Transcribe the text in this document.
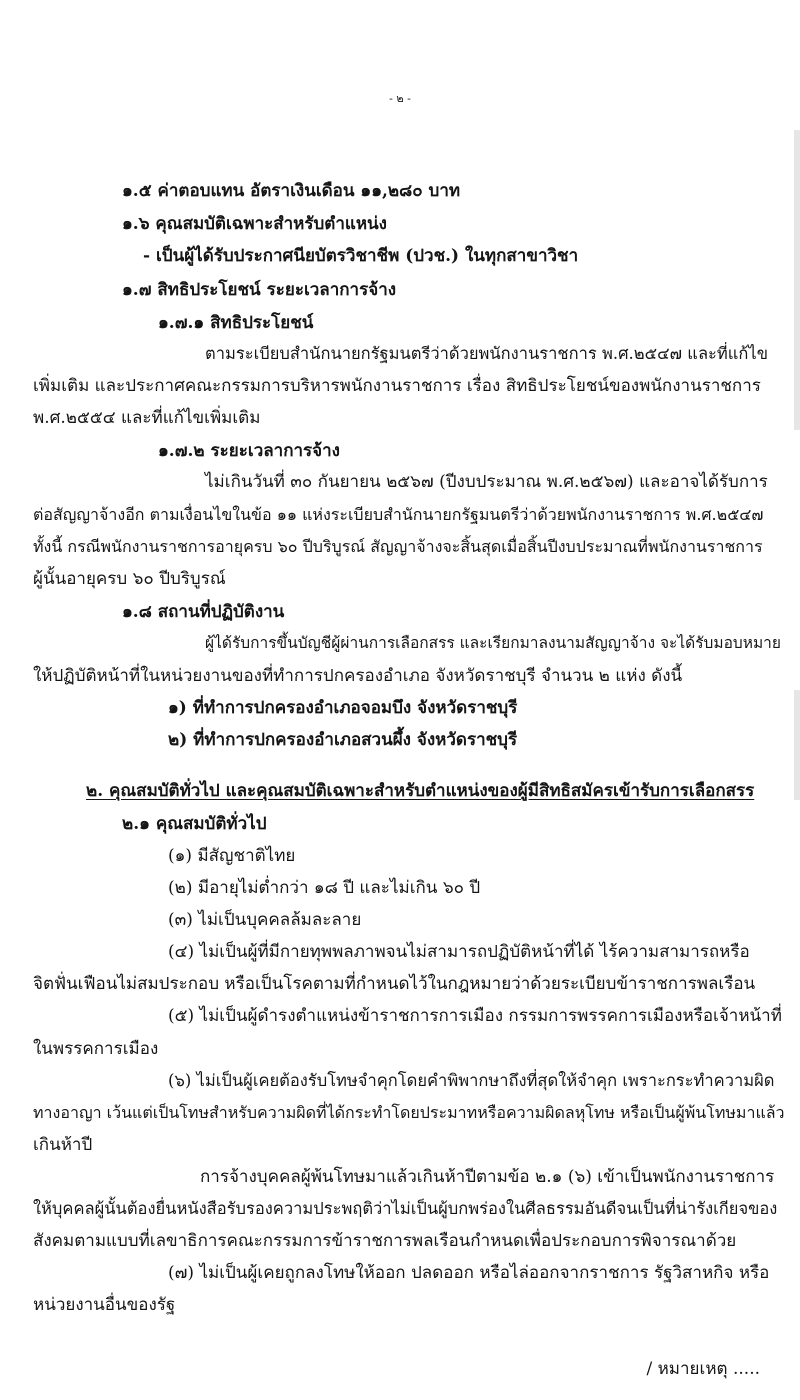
- ๒ -
๑.๕ ค่าตอบแทน อัตราเงินเดือน ๑๑,๒๘๐ บาท
๑.๖ คุณสมบัติเฉพาะสำหรับตำแหน่ง
- เป็นผู้ได้รับประกาศนียบัตรวิชาชีพ (ปวช.) ในทุกสาขาวิชา
๑.๗ สิทธิประโยชน์ ระยะเวลาการจ้าง
๑.๗.๑ สิทธิประโยชน์
ตามระเบียบสำนักนายกรัฐมนตรีว่าด้วยพนักงานราชการ พ.ศ.๒๕๔๗ และที่แก้ไข
เพิ่มเติม และประกาศคณะกรรมการบริหารพนักงานราชการ เรื่อง สิทธิประโยชน์ของพนักงานราชการ
พ.ศ.๒๕๕๔ และที่แก้ไขเพิ่มเติม
๑.๗.๒ ระยะเวลาการจ้าง
ไม่เกินวันที่ ๓๐ กันยายน ๒๕๖๗ (ปีงบประมาณ พ.ศ.๒๕๖๗) และอาจได้รับการ
ต่อสัญญาจ้างอีก ตามเงื่อนไขในข้อ ๑๑ แห่งระเบียบสำนักนายกรัฐมนตรีว่าด้วยพนักงานราชการ พ.ศ.๒๕๔๗
ทั้งนี้ กรณีพนักงานราชการอายุครบ ๖๐ ปีบริบูรณ์ สัญญาจ้างจะสิ้นสุดเมื่อสิ้นปีงบประมาณที่พนักงานราชการ
ผู้นั้นอายุครบ ๖๐ ปีบริบูรณ์
๑.๘ สถานที่ปฏิบัติงาน
ผู้ได้รับการขึ้นบัญชีผู้ผ่านการเลือกสรร และเรียกมาลงนามสัญญาจ้าง จะได้รับมอบหมาย
ให้ปฏิบัติหน้าที่ในหน่วยงานของที่ทำการปกครองอำเภอ จังหวัดราชบุรี จำนวน ๒ แห่ง ดังนี้
๑) ที่ทำการปกครองอำเภอจอมบึง จังหวัดราชบุรี
๒) ที่ทำการปกครองอำเภอสวนผึ้ง จังหวัดราชบุรี
๒. คุณสมบัติทั่วไป และคุณสมบัติเฉพาะสำหรับตำแหน่งของผู้มีสิทธิสมัครเข้ารับการเลือกสรร
๒.๑ คุณสมบัติทั่วไป
(๑) มีสัญชาติไทย
(๒) มีอายุไม่ต่ำกว่า ๑๘ ปี และไม่เกิน ๖๐ ปี
(๓) ไม่เป็นบุคคลล้มละลาย
(๔) ไม่เป็นผู้ที่มีกายทุพพลภาพจนไม่สามารถปฏิบัติหน้าที่ได้ ไร้ความสามารถหรือ
จิตฟั่นเฟือนไม่สมประกอบ หรือเป็นโรคตามที่กำหนดไว้ในกฎหมายว่าด้วยระเบียบข้าราชการพลเรือน
(๕) ไม่เป็นผู้ดำรงตำแหน่งข้าราชการการเมือง กรรมการพรรคการเมืองหรือเจ้าหน้าที่
ในพรรคการเมือง
(๖) ไม่เป็นผู้เคยต้องรับโทษจำคุกโดยคำพิพากษาถึงที่สุดให้จำคุก เพราะกระทำความผิด
ทางอาญา เว้นแต่เป็นโทษสำหรับความผิดที่ได้กระทำโดยประมาทหรือความผิดลหุโทษ หรือเป็นผู้พ้นโทษมาแล้ว
เกินห้าปี
การจ้างบุคคลผู้พ้นโทษมาแล้วเกินห้าปีตามข้อ ๒.๑ (๖) เข้าเป็นพนักงานราชการ
ให้บุคคลผู้นั้นต้องยื่นหนังสือรับรองความประพฤติว่าไม่เป็นผู้บกพร่องในศีลธรรมอันดีจนเป็นที่น่ารังเกียจของ
สังคมตามแบบที่เลขาธิการคณะกรรมการข้าราชการพลเรือนกำหนดเพื่อประกอบการพิจารณาด้วย
(๗) ไม่เป็นผู้เคยถูกลงโทษให้ออก ปลดออก หรือไล่ออกจากราชการ รัฐวิสาหกิจ หรือ
หน่วยงานอื่นของรัฐ
/ หมายเหตุ .....
